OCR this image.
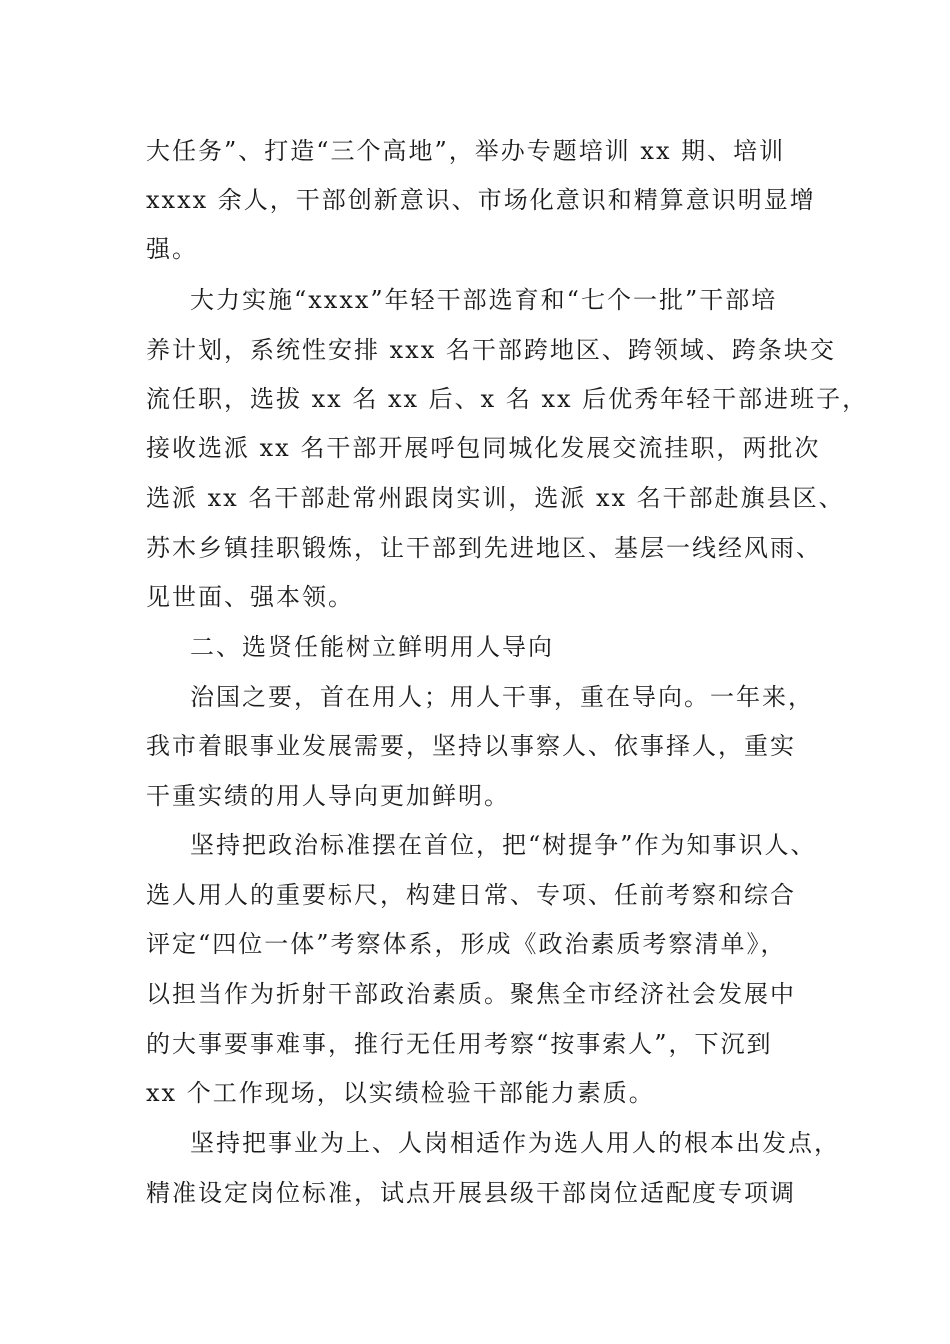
大任务”、打造“三个高地”，举办专题培训 xx 期、培训
xxxx 余人，干部创新意识、市场化意识和精算意识明显增
强。
大力实施“xxxx”年轻干部选育和“七个一批”干部培
养计划，系统性安排 xxx 名干部跨地区、跨领域、跨条块交
流任职，选拔 xx 名 xx 后、x 名 xx 后优秀年轻干部进班子，
接收选派 xx 名干部开展呼包同城化发展交流挂职，两批次
选派 xx 名干部赴常州跟岗实训，选派 xx 名干部赴旗县区、
苏木乡镇挂职锻炼，让干部到先进地区、基层一线经风雨、
见世面、强本领。
二、选贤任能树立鲜明用人导向
治国之要，首在用人；用人干事，重在导向。一年来，
我市着眼事业发展需要，坚持以事察人、依事择人，重实
干重实绩的用人导向更加鲜明。
坚持把政治标准摆在首位，把“树提争”作为知事识人、
选人用人的重要标尺，构建日常、专项、任前考察和综合
评定“四位一体”考察体系，形成《政治素质考察清单》，
以担当作为折射干部政治素质。聚焦全市经济社会发展中
的大事要事难事，推行无任用考察“按事索人”，下沉到
xx 个工作现场，以实绩检验干部能力素质。
坚持把事业为上、人岗相适作为选人用人的根本出发点，
精准设定岗位标准，试点开展县级干部岗位适配度专项调
